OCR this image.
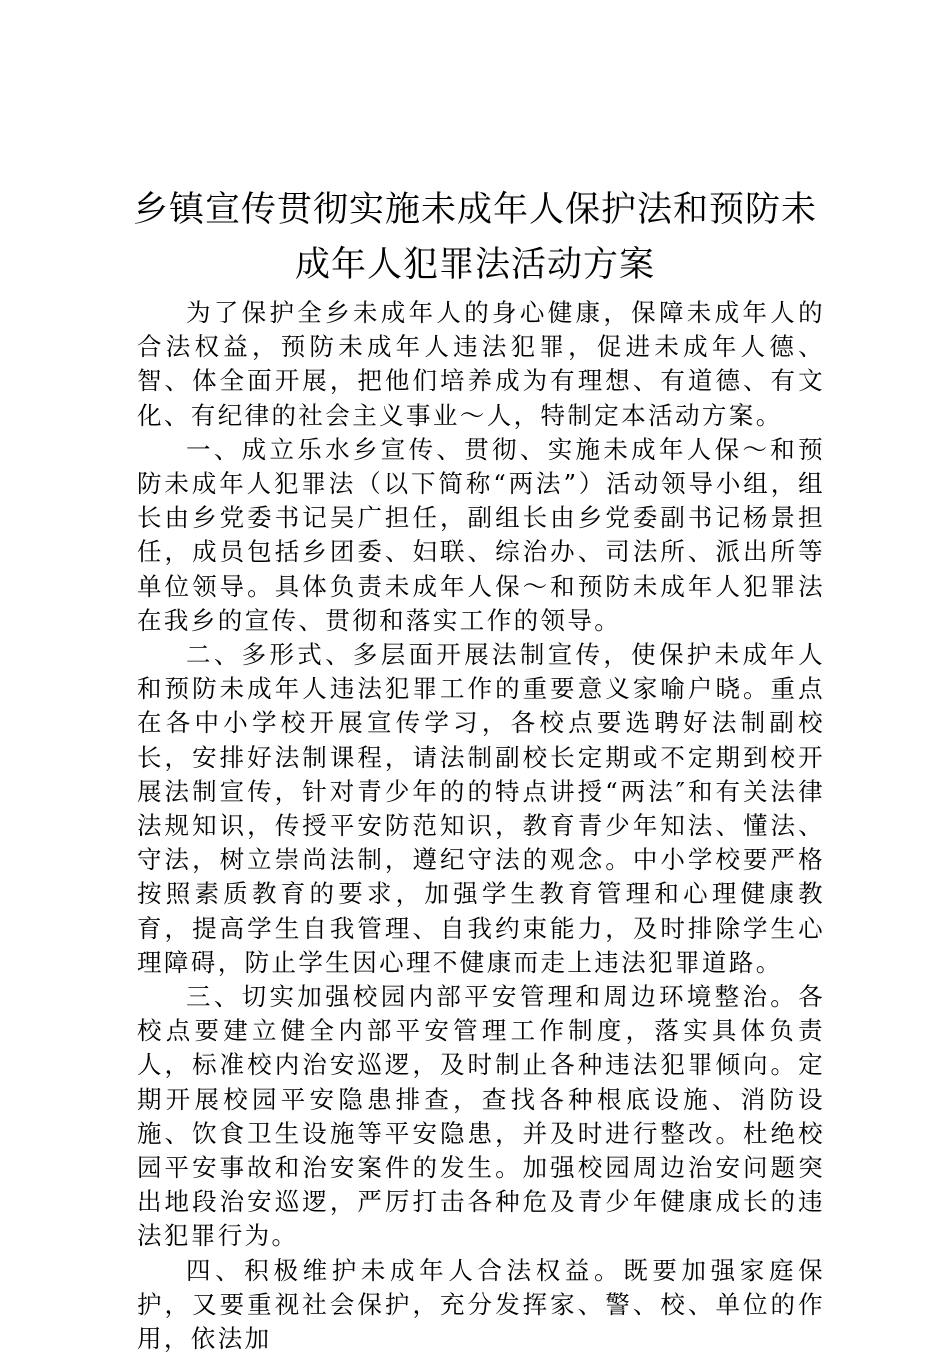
乡镇宣传贯彻实施未成年人保护法和预防未
成年人犯罪法活动方案

为了保护全乡未成年人的身心健康，保障未成年人的合法权益，预防未成年人违法犯罪，促进未成年人德、智、体全面开展，把他们培养成为有理想、有道德、有文化、有纪律的社会主义事业～人，特制定本活动方案。

一、成立乐水乡宣传、贯彻、实施未成年人保～和预防未成年人犯罪法（以下简称“两法”）活动领导小组，组长由乡党委书记吴广担任，副组长由乡党委副书记杨景担任，成员包括乡团委、妇联、综治办、司法所、派出所等单位领导。具体负责未成年人保～和预防未成年人犯罪法在我乡的宣传、贯彻和落实工作的领导。

二、多形式、多层面开展法制宣传，使保护未成年人和预防未成年人违法犯罪工作的重要意义家喻户晓。重点在各中小学校开展宣传学习，各校点要选聘好法制副校长，安排好法制课程，请法制副校长定期或不定期到校开展法制宣传，针对青少年的的特点讲授“两法″和有关法律法规知识，传授平安防范知识，教育青少年知法、懂法、守法，树立崇尚法制，遵纪守法的观念。中小学校要严格按照素质教育的要求，加强学生教育管理和心理健康教育，提高学生自我管理、自我约束能力，及时排除学生心理障碍，防止学生因心理不健康而走上违法犯罪道路。

三、切实加强校园内部平安管理和周边环境整治。各校点要建立健全内部平安管理工作制度，落实具体负责人，标准校内治安巡逻，及时制止各种违法犯罪倾向。定期开展校园平安隐患排查，查找各种根底设施、消防设施、饮食卫生设施等平安隐患，并及时进行整改。杜绝校园平安事故和治安案件的发生。加强校园周边治安问题突出地段治安巡逻，严厉打击各种危及青少年健康成长的违法犯罪行为。

四、积极维护未成年人合法权益。既要加强家庭保护，又要重视社会保护，充分发挥家、警、校、单位的作用，依法加
